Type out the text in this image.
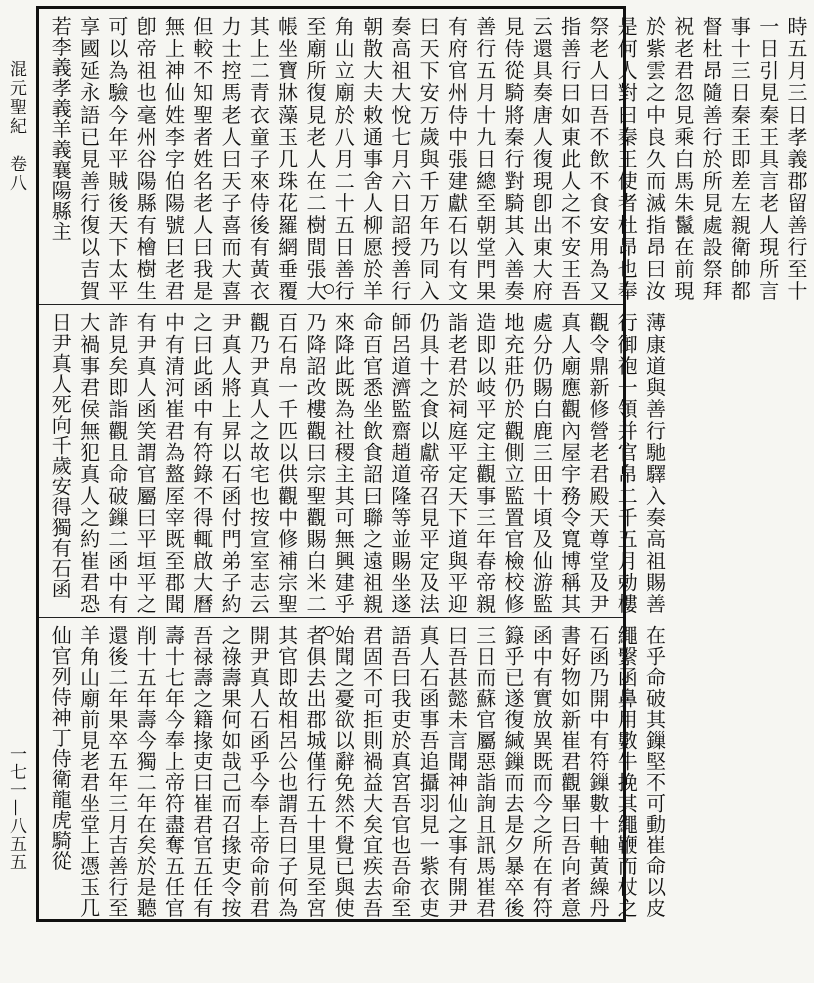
混元聖紀　卷八
一七一—八五五
時五月三日孝義郡留善行至十一日引見秦王具言老人現所言事十三日秦王即差左親衛帥都督杜昂隨善行於所見處設祭拜祝老君忽見乘白馬朱鬣在前現於紫雲之中良久而滅指昂曰汝是何人對曰秦王使者杜昂也奉祭老人曰吾不飲不食安用為又指善行曰如東此人之不安王吾云還具奏唐人復現卽出東大府見侍從騎將秦行對騎其入善奏善行五月十九日總至朝堂門果有府官州侍中張建獻石以有文曰天下安万歲與千万年乃同入奏高祖大悅七月六日詔授善行朝散大夫敕通事舍人柳愿於羊角山立廟於八月二十五日善行至廟所復見老人在二樹間張大帳坐寶牀藻玉几珠花羅網垂覆其上二青衣童子來侍後有黃衣力士控馬老人曰天子喜而大喜但較不知聖者姓名老人曰我是無上神仙姓李字伯陽號曰老君卽帝祖也毫州谷陽縣有檜樹生可以為驗今年平賊後天下太平享國延永語已見善行復以吉賀若李義孝義羊義襄陽縣主
薄康道與善行馳驛入奏高祖賜善行御袍一領并官帛二千五月勅樓觀令鼎新修營老君殿天尊堂及尹真人廟應觀內屋宇務令寬博稱其處分仍賜白鹿三田十頃及仙游監地充莊仍於觀側立監置官檢校修造即以岐平定主觀事三年春帝親詣老君於祠庭平定天下道與平迎仍具十之食以獻帝召見平定及法師呂道濟監齋趙道隆等並賜坐遂命百官悉坐飲食詔曰聯之遠祖親來降此既為社稷主其可無興建乎乃降詔改樓觀曰宗聖觀賜白米二百石帛一千匹以供觀中修補宗聖觀乃尹真人之故宅也按宣室志云尹真人將上昇以石函付門弟子約之曰此函中有符錄不得輒啟大曆中有清河崔君為盩厔宰既至郡聞有尹真人函笑謂官屬曰平垣平之詐見矣即詣觀且命破鏁二函中有大禍事君侯無犯真人之約崔君恐日尹真人死向千歲安得獨有石函
在乎命破其鏁堅不可動崔命以皮繩繫函鼻用數牛挽其繩鞭而杖之石函乃開中有符鏁數十軸黃繰丹書好物如新崔君觀畢曰吾向者意函中有實放異既而今之所在有符籙乎已遂復緘鏁而去是夕暴卒後三日而蘇官屬惡詣詢且訊馬崔君曰吾甚懿未言聞神仙之事有開尹真人石函事吾追攝羽見一紫衣吏語吾曰我吏於真宮吾官也吾命至君固不可拒則禍益大矣宜疾去吾始聞之憂欲以辭免然不覺已與使者俱去出郡城僅行五十里見至宮其官即故相呂公也謂吾曰子何為開尹真人石函乎今奉上帝命前君之祿壽果何如哉己而召掾吏令按吾禄壽之籍掾吏曰崔君官五任有壽十七年今奉上帝符盡奪五任官削十五年壽今獨二年在矣於是聽還後二年果卒五年三月吉善行至羊角山廟前見老君坐堂上憑玉几仙官列侍神丁侍衛龍虎騎從
